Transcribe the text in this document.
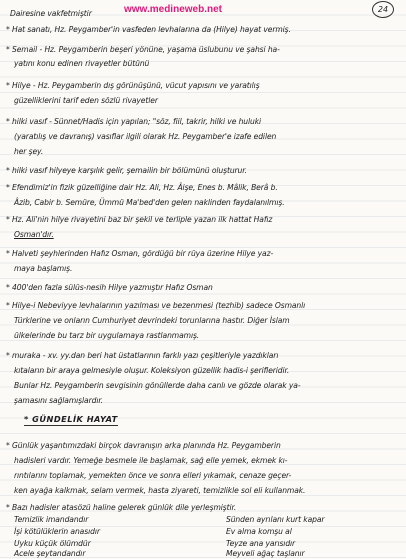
www.medineweb.net	24
Dairesine vakfetmiştir
* Hat sanatı, Hz. Peygamber'in vasfeden levhalarına da (Hilye) hayat vermiş.
* Semail - Hz. Peygamberin beşeri yönüne, yaşama üslubunu ve şahsi ha-
yatını konu edinen rivayetler bütünü
* Hilye - Hz. Peygamberin dış görünüşünü, vücut yapısını ve yaratılış
güzelliklerini tarif eden sözlü rivayetler
* hilki vasıf - Sünnet/Hadis için yapılan; "söz, fiil, takrir, hilki ve huluki
(yaratılış ve davranış) vasıflar ilgili olarak Hz. Peygamber'e izafe edilen
her şey.
* hilki vasıf hilyeye karşılık gelir, şemailin bir bölümünü oluşturur.
* Efendimiz'in fizik güzelliğine dair Hz. Ali, Hz. Âişe, Enes b. Mâlik, Berâ b.
Âzib, Cabir b. Semüre, Ümmü Ma'bed'den gelen naklinden faydalanılmış.
* Hz. Ali'nin hilye rivayetini baz bir şekil ve terliple yazan ilk hattat Hafız
Osman'dır.
* Halveti şeyhlerinden Hafız Osman, gördüğü bir rüya üzerine Hilye yaz-
maya başlamış.
* 400'den fazla sülüs-nesih Hilye yazmıştır Hafız Osman
* Hilye-i Nebeviyye levhalarının yazılması ve bezenmesi (tezhib) sadece Osmanlı
Türklerine ve onların Cumhuriyet devrindeki torunlarına hastır. Diğer İslam
ülkelerinde bu tarz bir uygulamaya rastlanmamış.
* muraka - xv. yy.dan beri hat üstatlarının farklı yazı çeşitleriyle yazdıkları
kıtaların bir araya gelmesiyle oluşur. Koleksiyon güzellik hadis-i şerifleridir.
Bunlar Hz. Peygamberin sevgisinin gönüllerde daha canlı ve gözde olarak ya-
şamasını sağlamışlardır.
* GÜNDELİK HAYAT
* Günlük yaşantımızdaki birçok davranışın arka planında Hz. Peygamberin
hadisleri vardır. Yemeğe besmele ile başlamak, sağ elle yemek, ekmek kı-
rıntılarını toplamak, yemekten önce ve sonra elleri yıkamak, cenaze geçer-
ken ayağa kalkmak, selam vermek, hasta ziyareti, temizlikle sol eli kullanmak.
* Bazı hadisler atasözü haline gelerek günlük dile yerleşmiştir.
Temizlik imandandır
İşi kötülüklerin anasıdır
Uyku küçük ölümdür
Acele şeytandandır
Sünden ayrılanı kurt kapar
Ev alma komşu al
Teyze ana yarısıdır
Meyveli ağaç taşlanır
